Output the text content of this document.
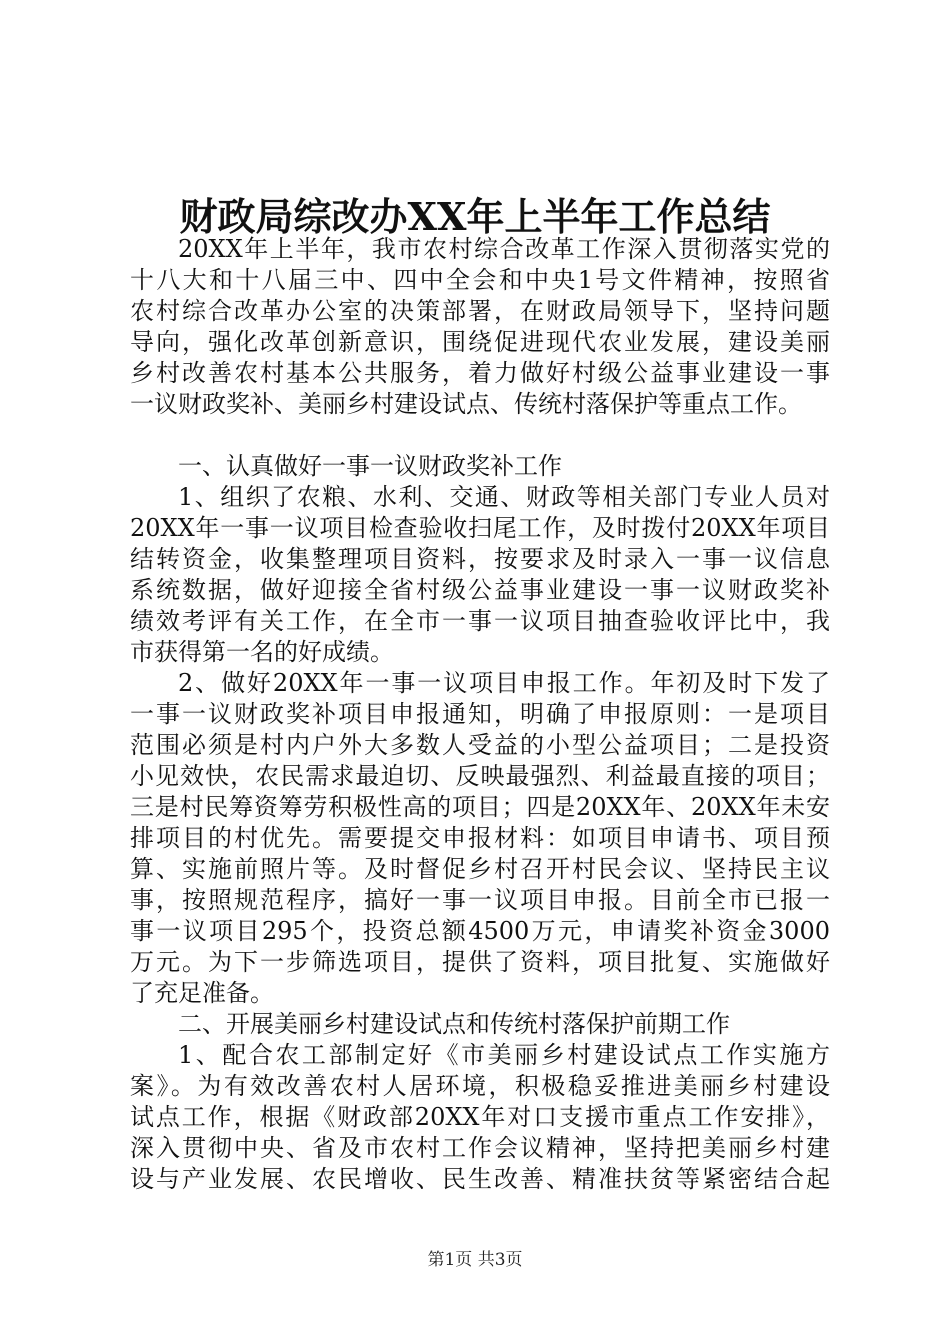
财政局综改办XX年上半年工作总结
20XX年上半年，我市农村综合改革工作深入贯彻落实党的
十八大和十八届三中、四中全会和中央1号文件精神，按照省
农村综合改革办公室的决策部署，在财政局领导下，坚持问题
导向，强化改革创新意识，围绕促进现代农业发展，建设美丽
乡村改善农村基本公共服务，着力做好村级公益事业建设一事
一议财政奖补、美丽乡村建设试点、传统村落保护等重点工作。
一、认真做好一事一议财政奖补工作
1、组织了农粮、水利、交通、财政等相关部门专业人员对
20XX年一事一议项目检查验收扫尾工作，及时拨付20XX年项目
结转资金，收集整理项目资料，按要求及时录入一事一议信息
系统数据，做好迎接全省村级公益事业建设一事一议财政奖补
绩效考评有关工作，在全市一事一议项目抽查验收评比中，我
市获得第一名的好成绩。
2、做好20XX年一事一议项目申报工作。年初及时下发了
一事一议财政奖补项目申报通知，明确了申报原则：一是项目
范围必须是村内户外大多数人受益的小型公益项目；二是投资
小见效快，农民需求最迫切、反映最强烈、利益最直接的项目；
三是村民筹资筹劳积极性高的项目；四是20XX年、20XX年未安
排项目的村优先。需要提交申报材料：如项目申请书、项目预
算、实施前照片等。及时督促乡村召开村民会议、坚持民主议
事，按照规范程序，搞好一事一议项目申报。目前全市已报一
事一议项目295个，投资总额4500万元，申请奖补资金3000
万元。为下一步筛选项目，提供了资料，项目批复、实施做好
了充足准备。
二、开展美丽乡村建设试点和传统村落保护前期工作
1、配合农工部制定好《市美丽乡村建设试点工作实施方
案》。为有效改善农村人居环境，积极稳妥推进美丽乡村建设
试点工作，根据《财政部20XX年对口支援市重点工作安排》，
深入贯彻中央、省及市农村工作会议精神，坚持把美丽乡村建
设与产业发展、农民增收、民生改善、精准扶贫等紧密结合起
第1页 共3页
